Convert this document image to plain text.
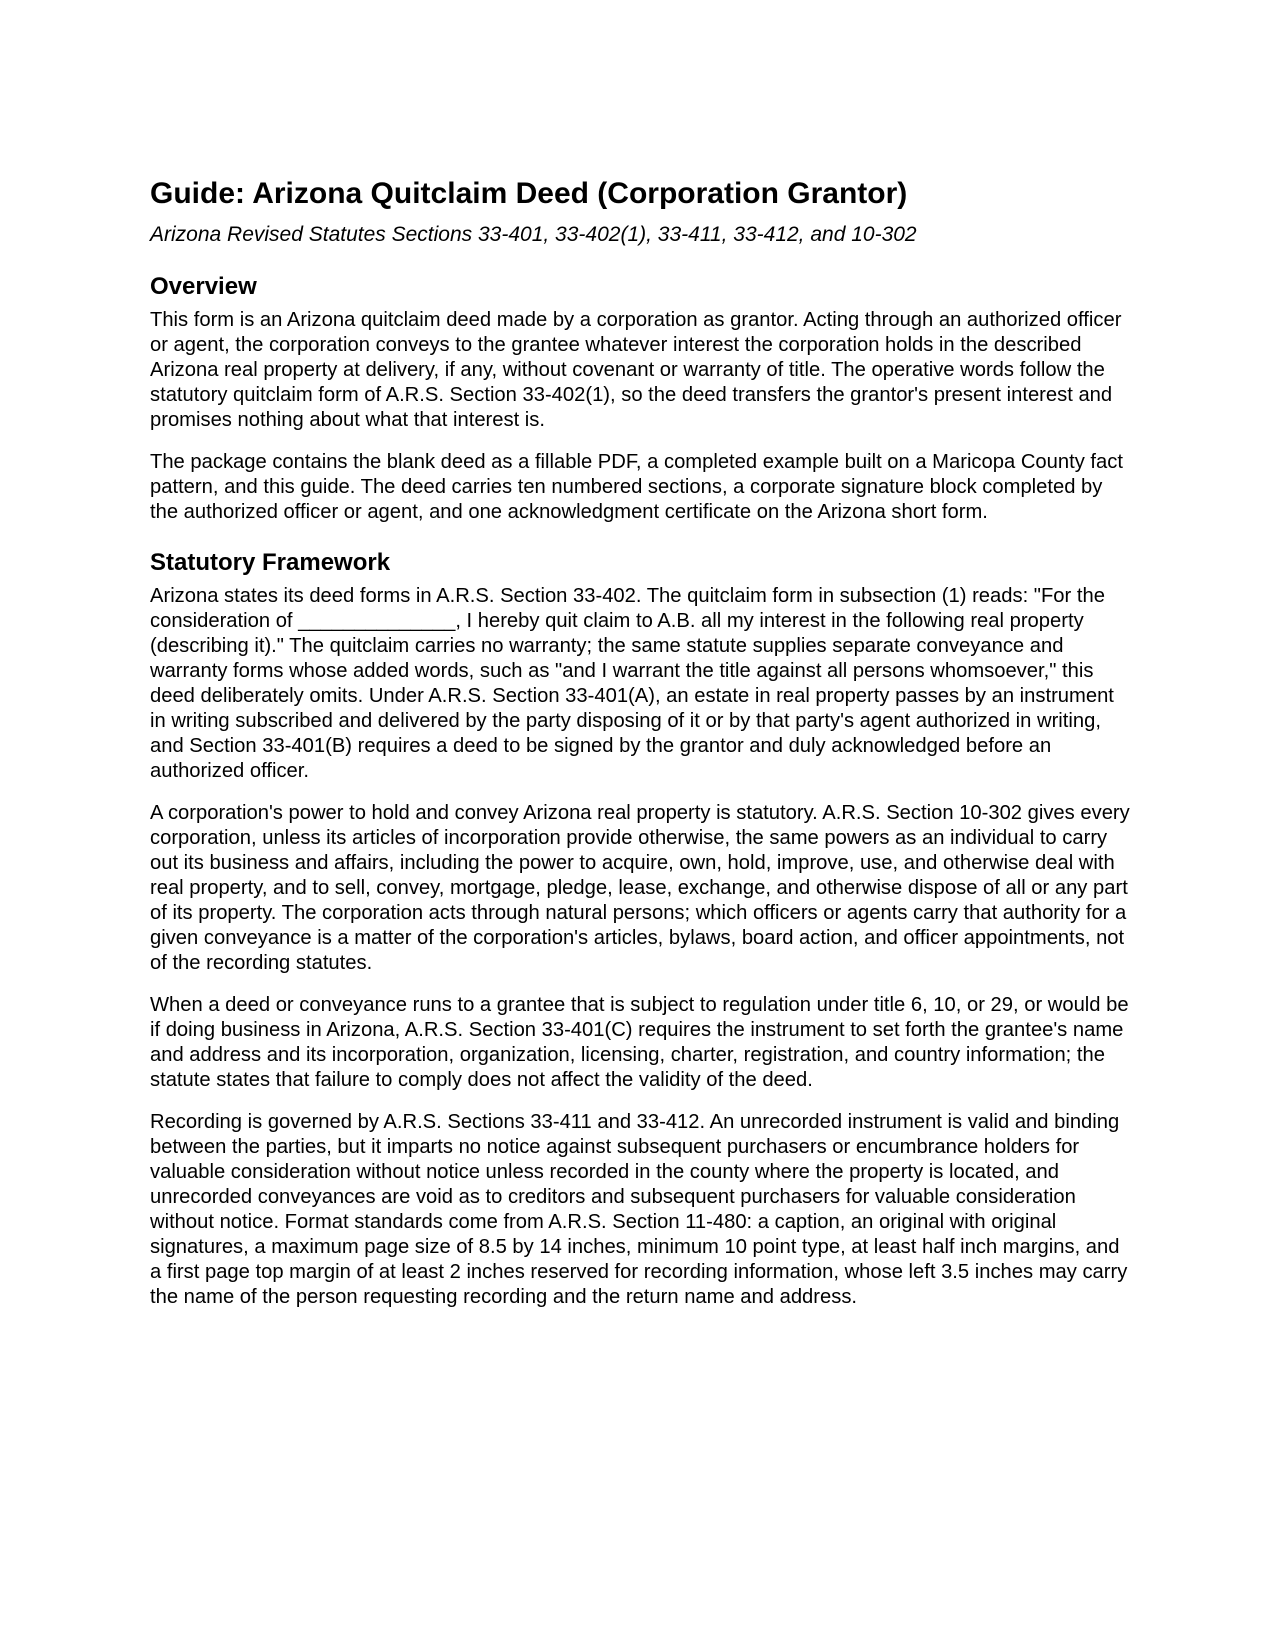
Guide: Arizona Quitclaim Deed (Corporation Grantor)

Arizona Revised Statutes Sections 33-401, 33-402(1), 33-411, 33-412, and 10-302

Overview

This form is an Arizona quitclaim deed made by a corporation as grantor. Acting through an authorized officer or agent, the corporation conveys to the grantee whatever interest the corporation holds in the described Arizona real property at delivery, if any, without covenant or warranty of title. The operative words follow the statutory quitclaim form of A.R.S. Section 33-402(1), so the deed transfers the grantor's present interest and promises nothing about what that interest is.

The package contains the blank deed as a fillable PDF, a completed example built on a Maricopa County fact pattern, and this guide. The deed carries ten numbered sections, a corporate signature block completed by the authorized officer or agent, and one acknowledgment certificate on the Arizona short form.

Statutory Framework

Arizona states its deed forms in A.R.S. Section 33-402. The quitclaim form in subsection (1) reads: "For the consideration of ______________, I hereby quit claim to A.B. all my interest in the following real property (describing it)." The quitclaim carries no warranty; the same statute supplies separate conveyance and warranty forms whose added words, such as "and I warrant the title against all persons whomsoever," this deed deliberately omits. Under A.R.S. Section 33-401(A), an estate in real property passes by an instrument in writing subscribed and delivered by the party disposing of it or by that party's agent authorized in writing, and Section 33-401(B) requires a deed to be signed by the grantor and duly acknowledged before an authorized officer.

A corporation's power to hold and convey Arizona real property is statutory. A.R.S. Section 10-302 gives every corporation, unless its articles of incorporation provide otherwise, the same powers as an individual to carry out its business and affairs, including the power to acquire, own, hold, improve, use, and otherwise deal with real property, and to sell, convey, mortgage, pledge, lease, exchange, and otherwise dispose of all or any part of its property. The corporation acts through natural persons; which officers or agents carry that authority for a given conveyance is a matter of the corporation's articles, bylaws, board action, and officer appointments, not of the recording statutes.

When a deed or conveyance runs to a grantee that is subject to regulation under title 6, 10, or 29, or would be if doing business in Arizona, A.R.S. Section 33-401(C) requires the instrument to set forth the grantee's name and address and its incorporation, organization, licensing, charter, registration, and country information; the statute states that failure to comply does not affect the validity of the deed.

Recording is governed by A.R.S. Sections 33-411 and 33-412. An unrecorded instrument is valid and binding between the parties, but it imparts no notice against subsequent purchasers or encumbrance holders for valuable consideration without notice unless recorded in the county where the property is located, and unrecorded conveyances are void as to creditors and subsequent purchasers for valuable consideration without notice. Format standards come from A.R.S. Section 11-480: a caption, an original with original signatures, a maximum page size of 8.5 by 14 inches, minimum 10 point type, at least half inch margins, and a first page top margin of at least 2 inches reserved for recording information, whose left 3.5 inches may carry the name of the person requesting recording and the return name and address.
